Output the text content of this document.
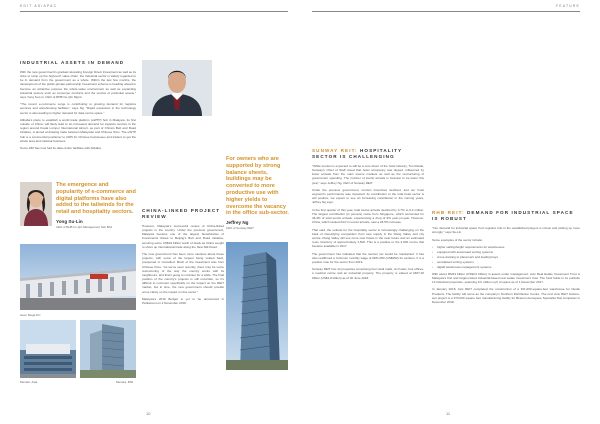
EDIT ASIAPAC	FEATURE
INDUSTRIAL ASSETS IN DEMAND

With the new government's gradual relocating Foreign Direct Investment as well as its drive to ramp up the high-tech value chain, the industrial sector is widely regarded to be in demand from the government as a whole. Within the last few months, the development of the public-private-partnership investment scheme is heading ahead to become an attractive purpose the whole-value environment as well as expanding industrial sectors such as consumer products and the service of particular assets," says Yong Su-Lin, CEO of RHB Cu-Qin Mgmt.

"The recent e-commerce surge is contributing to growing demand for logistics services and warehousing facilities," says Ng. "Rapid expansion in the technology sector is also leading to higher demand for data centre space."

Alibaba's plans to establish a world trade platform (eWTP) hub in Malaysia, its first outside of China, will likely lead to an increased demand for logistics centres in the region around Kuala Lumpur International Airport, as part of China's Belt and Road initiative, is aimed at drawing trade between Malaysian and Chinese firms. The eWTP hub is a commercial positioner to 2025 for Chinese businesses and traders to get the whole area and national business.

Some 480 has now had its data centre facilities with Alibaba.

The emergence and popularity of e-commerce and digital platforms have also added to the tailwinds for the retail and hospitality sectors.
Yong Su-Lin
CEO of RHB Cu-Qin Management Sdn Bhd
Aeon Mega DC
Mentari, Asia	Menara, Bhd
For owners who are supported by strong balance sheets, buildings may be converted to more productive use with higher yields to overcome the vacancy in the office sub-sector.
Jeffrey Ng
CEO of Sunway REIT
CHINA-LINKED PROJECT REVIEW

However, Malaysia's successful review of China-linked projects in the country. Under the previous government, Malaysia became one of the largest beneficiaries of investments linked to Beijing's Belt and Road initiative, securing some US$34 billion worth of deals as China sought to shore up international trade along the New Silk Road.

The new government has been more cautious about these projects, with some of the largest being scaled back, postponed or cancelled. Much of the investment was from Chinese firms. "As we've seen recently, there may be some restructuring of the way the country works with its neighbours, and that's going to continue for a while. The final position of the country's projects is still uncertain, so it's difficult to comment specifically on the impact on the REIT market, but in time, the new government should provide some clarity on the impact on this sector."

Malaysia's 2019 Budget is yet to be announced in Parliament on 2 November 2018.

SUNWAY REIT: HOSPITALITY SECTOR IS CHALLENGING

"While tourism is expected to still be a core driver of the hotel industry, Tun Razak, Sunway's Chief of Staff noted that hotel occupancy rate dipped, influenced by lower arrivals from the main source markets as well as the restructuring of government spending. The number of tourist arrivals is forecast to be lower this year," says Jeffrey Ng, CEO of Sunway REIT.

Under the previous government, tourism incentives declined, and our hotel segment's performance was impacted. Its contribution to the total hotel sector is still positive, we expect to see an increasing contribution in the coming years, Jeffrey Ng says.

In the first quarter of this year, total tourist arrivals declined by 3.7% to 6.4 million. The largest contribution (in percent) came from Singapore, which accounted for 46.4% of total tourist arrivals, experiencing a drop of 9% year-on-year. However, China, which ranked third in tourist arrivals, saw a 28.5% increase.

That said, the outlook for the hospitality sector is increasingly challenging on the back of intensifying competition from new supply in the Klang Valley and city centre. Klang Valley will see more new hotels in the near future and an estimated room inventory of approximately 1,500. This is a positive to the 3,900 rooms that became available in 2017.

The government has indicated that the tourism tax would be maintained. It has also reaffirmed a minimum monthly wage of RM1,050 (US$252) for workers. It is a positive note for the sector from 2019.

Sunway REIT has 14 properties comprising four retail malls, six hotels, four offices, a medical centre and an industrial property. The property is valued at RM7.26 billion (US$1.8 billion) as of 30 June 2018.

RHB REIT: DEMAND FOR INDUSTRIAL SPACE IS ROBUST

"Our demand for industrial space from logistics hub in the established players is robust and picking up more strongly," says Su-Lin.

Some examples of the sector include:

• higher selling/height requirements for warehouses
• equipped with automated sorting systems
• cross-docking to placement and loading bays
• centralised sorting systems
• digital warehouse management systems

With about RM13 billion (US$3.0 billion) in assets under management, Axis Real Estate Investment Trust is Malaysia's first and largest listed industrial-based real estate investment trust. The fund holds in its portfolio 13 industrial properties, spanning 9.6 million sq ft of space as of 1 December 2017.

In January 2018, Axis REIT completed the construction of a 331,000-square-feet warehouse for Nestle Products. The facility will serve as the company's Northern Distribution Centre. The next Axis REIT build-to-suit project is a 370,000 square feet manufacturing facility for Beacon Aerospace Specialist that completes in December 2018.

10	11
